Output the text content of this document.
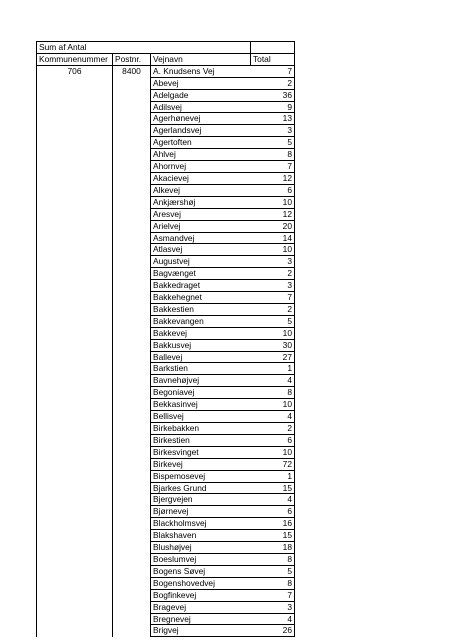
Sum af Antal			
Kommunenummer	Postnr.	Vejnavn	Total
706	8400	A. Knudsens Vej	7
		Abevej	2
		Adelgade	36
		Adilsvej	9
		Agerhønevej	13
		Agerlandsvej	3
		Agertoften	5
		Ahlvej	8
		Ahornvej	7
		Akacievej	12
		Alkevej	6
		Ankjærshøj	10
		Aresvej	12
		Arielvej	20
		Asmandvej	14
		Atlasvej	10
		Augustvej	3
		Bagvænget	2
		Bakkedraget	3
		Bakkehegnet	7
		Bakkestien	2
		Bakkevangen	5
		Bakkevej	10
		Bakkusvej	30
		Ballevej	27
		Barkstien	1
		Bavnehøjvej	4
		Begoniavej	8
		Bekkasinvej	10
		Bellisvej	4
		Birkebakken	2
		Birkestien	6
		Birkesvinget	10
		Birkevej	72
		Bispemosevej	1
		Bjarkes Grund	15
		Bjergvejen	4
		Bjørnevej	6
		Blackholmsvej	16
		Blakshaven	15
		Blushøjvej	18
		Boeslumvej	8
		Bogens Søvej	5
		Bogenshovedvej	8
		Bogfinkevej	7
		Bragevej	3
		Bregnevej	4
		Brigvej	26
